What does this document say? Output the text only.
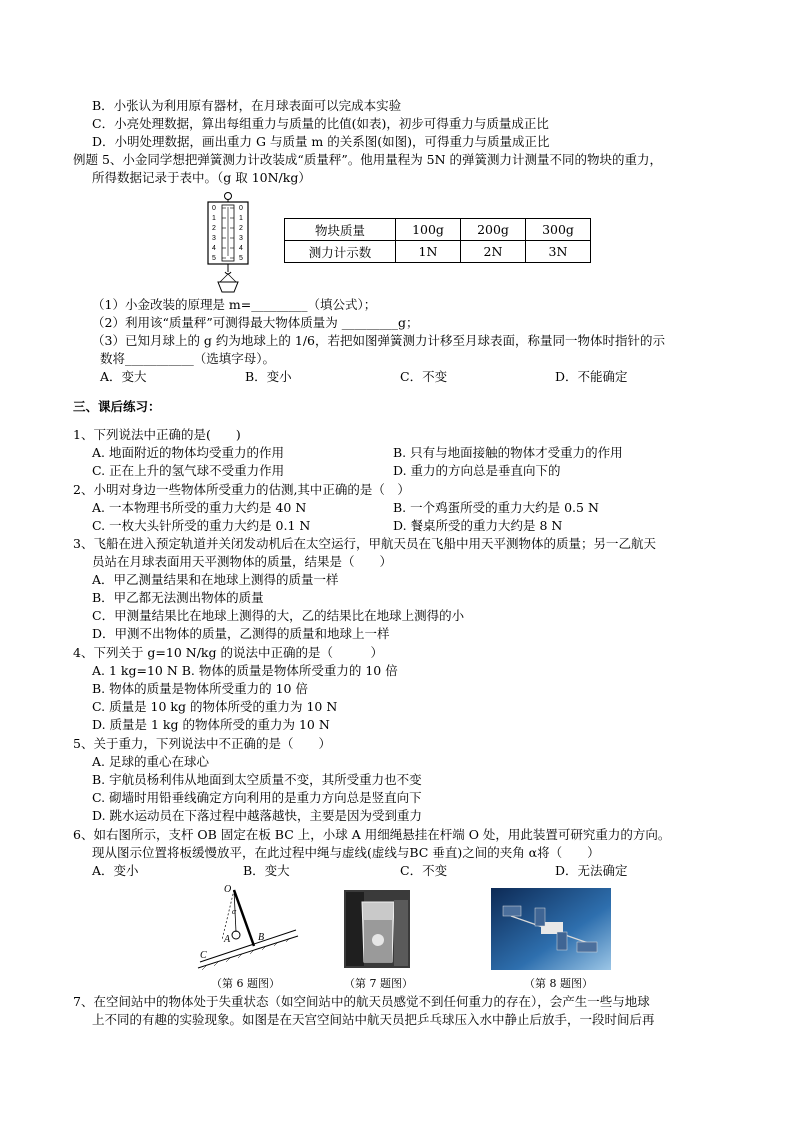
B．小张认为利用原有器材，在月球表面可以完成本实验
C．小亮处理数据，算出每组重力与质量的比值(如表)，初步可得重力与质量成正比
D．小明处理数据，画出重力 G 与质量 m 的关系图(如图)，可得重力与质量成正比
例题 5、小金同学想把弹簧测力计改装成“质量秤”。他用量程为 5N 的弹簧测力计测量不同的物块的重力，
所得数据记录于表中。（g 取 10N/kg）
0
1
2
3
4
5
0
1
2
3
4
5
物块质量	100g	200g	300g
测力计示数	1N	2N	3N
（1）小金改装的原理是 m=_________（填公式）；
（2）利用该“质量秤”可测得最大物体质量为 _________g；
（3）已知月球上的 g 约为地球上的 1/6，若把如图弹簧测力计移至月球表面，称量同一物体时指针的示
数将___________（选填字母）。
A．变大	B．变小	C．不变	D．不能确定
三、课后练习：
1、下列说法中正确的是(　　)
A. 地面附近的物体均受重力的作用	B. 只有与地面接触的物体才受重力的作用
C. 正在上升的氢气球不受重力作用	D. 重力的方向总是垂直向下的
2、小明对身边一些物体所受重力的估测,其中正确的是（　）
A. 一本物理书所受的重力大约是 40 N	B. 一个鸡蛋所受的重力大约是 0.5 N
C. 一枚大头针所受的重力大约是 0.1 N	D. 餐桌所受的重力大约是 8 N
3、飞船在进入预定轨道并关闭发动机后在太空运行，甲航天员在飞船中用天平测物体的质量；另一乙航天
员站在月球表面用天平测物体的质量，结果是（　　）
A．甲乙测量结果和在地球上测得的质量一样
B．甲乙都无法测出物体的质量
C．甲测量结果比在地球上测得的大，乙的结果比在地球上测得的小
D．甲测不出物体的质量，乙测得的质量和地球上一样
4、下列关于 g=10 N/kg 的说法中正确的是（　　　）
A. 1 kg=10 N B. 物体的质量是物体所受重力的 10 倍
B. 物体的质量是物体所受重力的 10 倍
C. 质量是 10 kg 的物体所受的重力为 10 N
D. 质量是 1 kg 的物体所受的重力为 10 N
5、关于重力，下列说法中不正确的是（　　）
A. 足球的重心在球心
B. 宇航员杨利伟从地面到太空质量不变，其所受重力也不变
C. 砌墙时用铅垂线确定方向利用的是重力方向总是竖直向下
D. 跳水运动员在下落过程中越落越快，主要是因为受到重力
6、如右图所示，支杆 OB 固定在板 BC 上，小球 A 用细绳悬挂在杆端 O 处，用此装置可研究重力的方向。
现从图示位置将板缓慢放平，在此过程中绳与虚线(虚线与BC 垂直)之间的夹角 α将（　　）
A．变小	B．变大	C．不变	D．无法确定
O
A	B
C
α
（第 6 题图）	（第 7 题图）	（第 8 题图）
7、在空间站中的物体处于失重状态（如空间站中的航天员感觉不到任何重力的存在），会产生一些与地球
上不同的有趣的实验现象。如图是在天宫空间站中航天员把乒乓球压入水中静止后放手，一段时间后再
